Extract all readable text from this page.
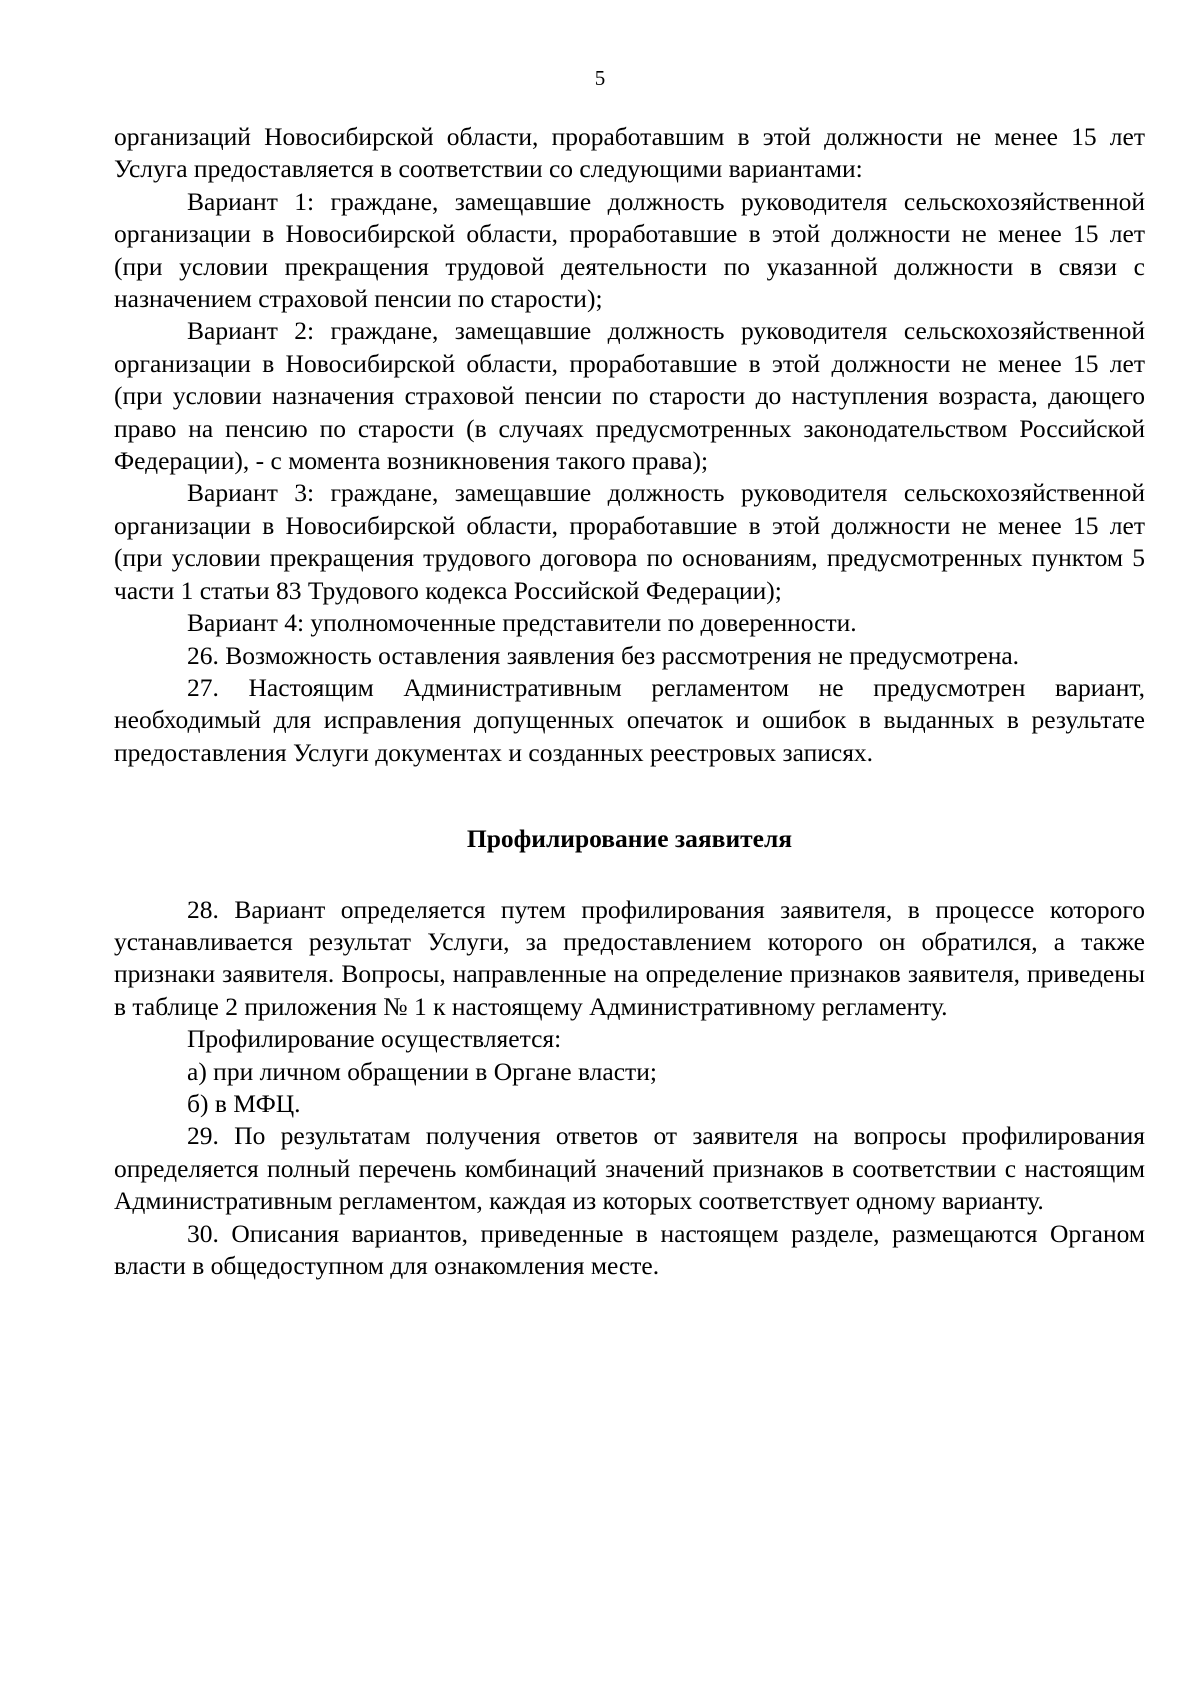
5

организаций Новосибирской области, проработавшим в этой должности не менее 15 лет Услуга предоставляется в соответствии со следующими вариантами:

Вариант 1: граждане, замещавшие должность руководителя сельскохозяйственной организации в Новосибирской области, проработавшие в этой должности не менее 15 лет (при условии прекращения трудовой деятельности по указанной должности в связи с назначением страховой пенсии по старости);

Вариант 2: граждане, замещавшие должность руководителя сельскохозяйственной организации в Новосибирской области, проработавшие в этой должности не менее 15 лет (при условии назначения страховой пенсии по старости до наступления возраста, дающего право на пенсию по старости (в случаях предусмотренных законодательством Российской Федерации), - с момента возникновения такого права);

Вариант 3: граждане, замещавшие должность руководителя сельскохозяйственной организации в Новосибирской области, проработавшие в этой должности не менее 15 лет (при условии прекращения трудового договора по основаниям, предусмотренных пунктом 5 части 1 статьи 83 Трудового кодекса Российской Федерации);

Вариант 4: уполномоченные представители по доверенности.

26. Возможность оставления заявления без рассмотрения не предусмотрена.

27. Настоящим Административным регламентом не предусмотрен вариант, необходимый для исправления допущенных опечаток и ошибок в выданных в результате предоставления Услуги документах и созданных реестровых записях.

Профилирование заявителя

28. Вариант определяется путем профилирования заявителя, в процессе которого устанавливается результат Услуги, за предоставлением которого он обратился, а также признаки заявителя. Вопросы, направленные на определение признаков заявителя, приведены в таблице 2 приложения № 1 к настоящему Административному регламенту.

Профилирование осуществляется:

а) при личном обращении в Органе власти;

б) в МФЦ.

29. По результатам получения ответов от заявителя на вопросы профилирования определяется полный перечень комбинаций значений признаков в соответствии с настоящим Административным регламентом, каждая из которых соответствует одному варианту.

30. Описания вариантов, приведенные в настоящем разделе, размещаются Органом власти в общедоступном для ознакомления месте.
